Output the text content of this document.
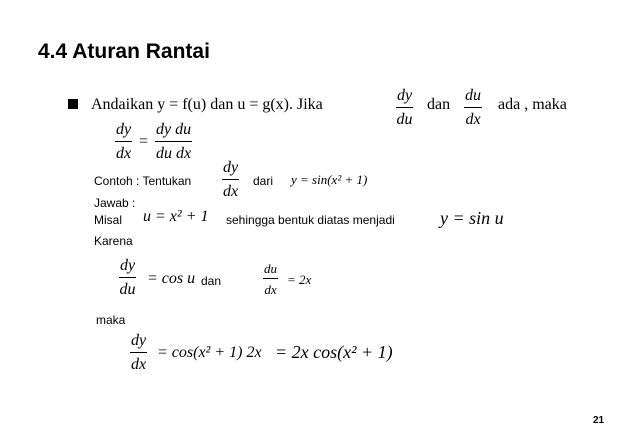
4.4 Aturan Rantai
Andaikan y = f(u) dan u = g(x). Jika	$\frac{dy}{du}$ dan $\frac{du}{dx}$ ada , maka
$\frac{dy}{dx} = \frac{\text{dy du}}{\text{du dx}}$
Contoh : Tentukan $\frac{dy}{dx}$ dari y = sin(x² + 1)
Jawab :
Misal u = x² + 1 sehingga bentuk diatas menjadi	y = sin u
Karena
$\frac{dy}{du} = \cos u$ dan	$\frac{du}{dx} = 2x$
maka
$\frac{dy}{dx} = \cos(x^2 + 1) 2x = 2x$ cos(x² + 1)
21
